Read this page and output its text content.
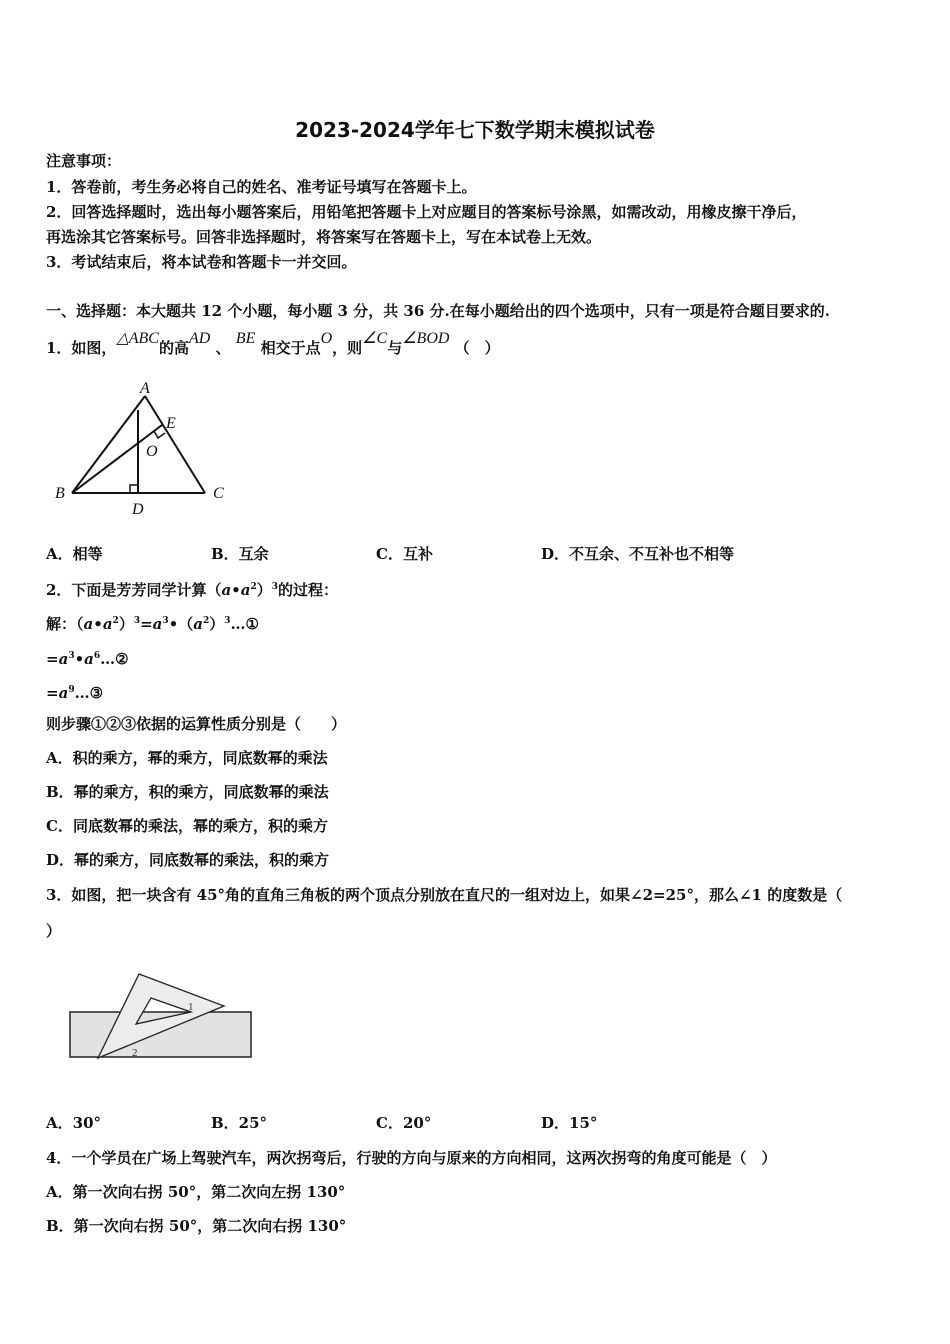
2023-2024学年七下数学期末模拟试卷
注意事项：
1．答卷前，考生务必将自己的姓名、准考证号填写在答题卡上。
2．回答选择题时，选出每小题答案后，用铅笔把答题卡上对应题目的答案标号涂黑，如需改动，用橡皮擦干净后，
再选涂其它答案标号。回答非选择题时，将答案写在答题卡上，写在本试卷上无效。
3．考试结束后，将本试卷和答题卡一并交回。
一、选择题：本大题共 12 个小题，每小题 3 分，共 36 分.在每小题给出的四个选项中，只有一项是符合题目要求的.
1．如图，△ABC的高AD 、 BE 相交于点O，则∠C与∠BOD （　）
A
B	C
D
E
O
A．相等	B．互余	C．互补	D．不互余、不互补也不相等
2．下面是芳芳同学计算$(a•a^2)^3$的过程：
解：$(a•a^2)^3=a^3•(a^2)^3\dots ①$
$=a^3•a^6\dots ②$
$=a^9\dots ③$
则步骤①②③依据的运算性质分别是（　　）
A．积的乘方，幂的乘方，同底数幂的乘法
B．幂的乘方，积的乘方，同底数幂的乘法
C．同底数幂的乘法，幂的乘方，积的乘方
D．幂的乘方，同底数幂的乘法，积的乘方
3．如图，把一块含有 45°角的直角三角板的两个顶点分别放在直尺的一组对边上，如果∠2=25°，那么∠1 的度数是（
）
1
2
A．30°	B．25°	C．20°	D．15°
4．一个学员在广场上驾驶汽车，两次拐弯后，行驶的方向与原来的方向相同，这两次拐弯的角度可能是（　）
A．第一次向右拐 50°，第二次向左拐 130°
B．第一次向右拐 50°，第二次向右拐 130°
